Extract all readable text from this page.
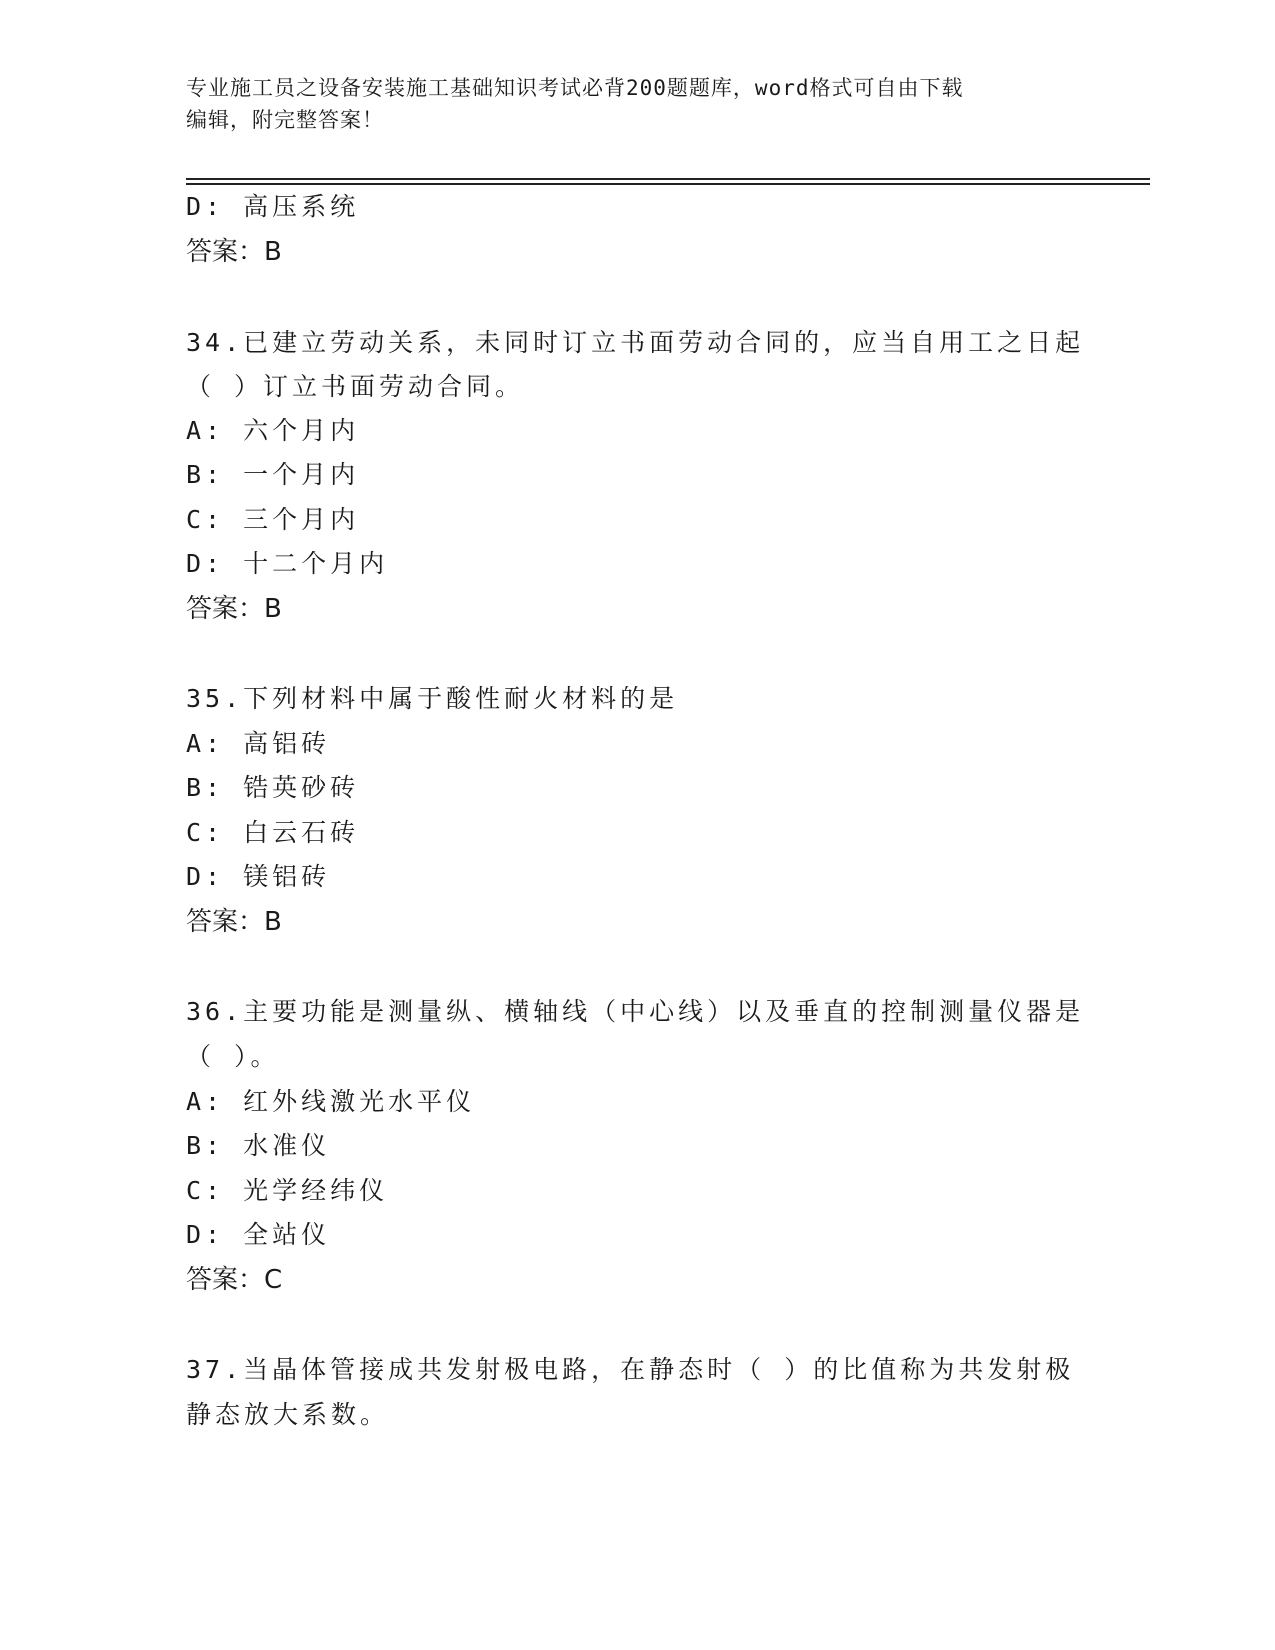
专业施工员之设备安装施工基础知识考试必背200题题库，word格式可自由下载
编辑，附完整答案！
D: 高压系统
答案：B
34.已建立劳动关系，未同时订立书面劳动合同的，应当自用工之日起
（ ）订立书面劳动合同。
A: 六个月内
B: 一个月内
C: 三个月内
D: 十二个月内
答案：B
35.下列材料中属于酸性耐火材料的是
A: 高铝砖
B: 锆英砂砖
C: 白云石砖
D: 镁铝砖
答案：B
36.主要功能是测量纵、横轴线（中心线）以及垂直的控制测量仪器是
（ ）。
A: 红外线激光水平仪
B: 水准仪
C: 光学经纬仪
D: 全站仪
答案：C
37.当晶体管接成共发射极电路，在静态时（ ）的比值称为共发射极
静态放大系数。
